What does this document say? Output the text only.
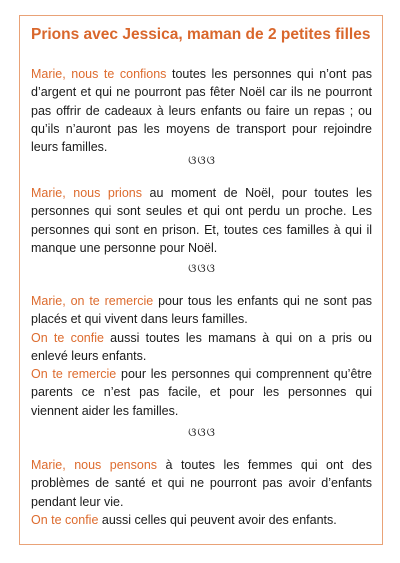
Prions avec Jessica, maman de 2 petites filles

Marie, nous te confions toutes les personnes qui n’ont pas d’argent et qui ne pourront pas fêter Noël car ils ne pourront pas offrir de cadeaux à leurs enfants ou faire un repas ; ou qu’ils n’auront pas les moyens de transport pour rejoindre leurs familles.

ଓଓଓ

Marie, nous prions au moment de Noël, pour toutes les personnes qui sont seules et qui ont perdu un proche. Les personnes qui sont en prison. Et, toutes ces familles à qui il manque une personne pour Noël.

ଓଓଓ

Marie, on te remercie pour tous les enfants qui ne sont pas placés et qui vivent dans leurs familles.
On te confie aussi toutes les mamans à qui on a pris ou enlevé leurs enfants.
On te remercie pour les personnes qui comprennent qu’être parents ce n’est pas facile, et pour les personnes qui viennent aider les familles.

ଓଓଓ

Marie, nous pensons à toutes les femmes qui ont des problèmes de santé et qui ne pourront pas avoir d’enfants pendant leur vie.
On te confie aussi celles qui peuvent avoir des enfants.
